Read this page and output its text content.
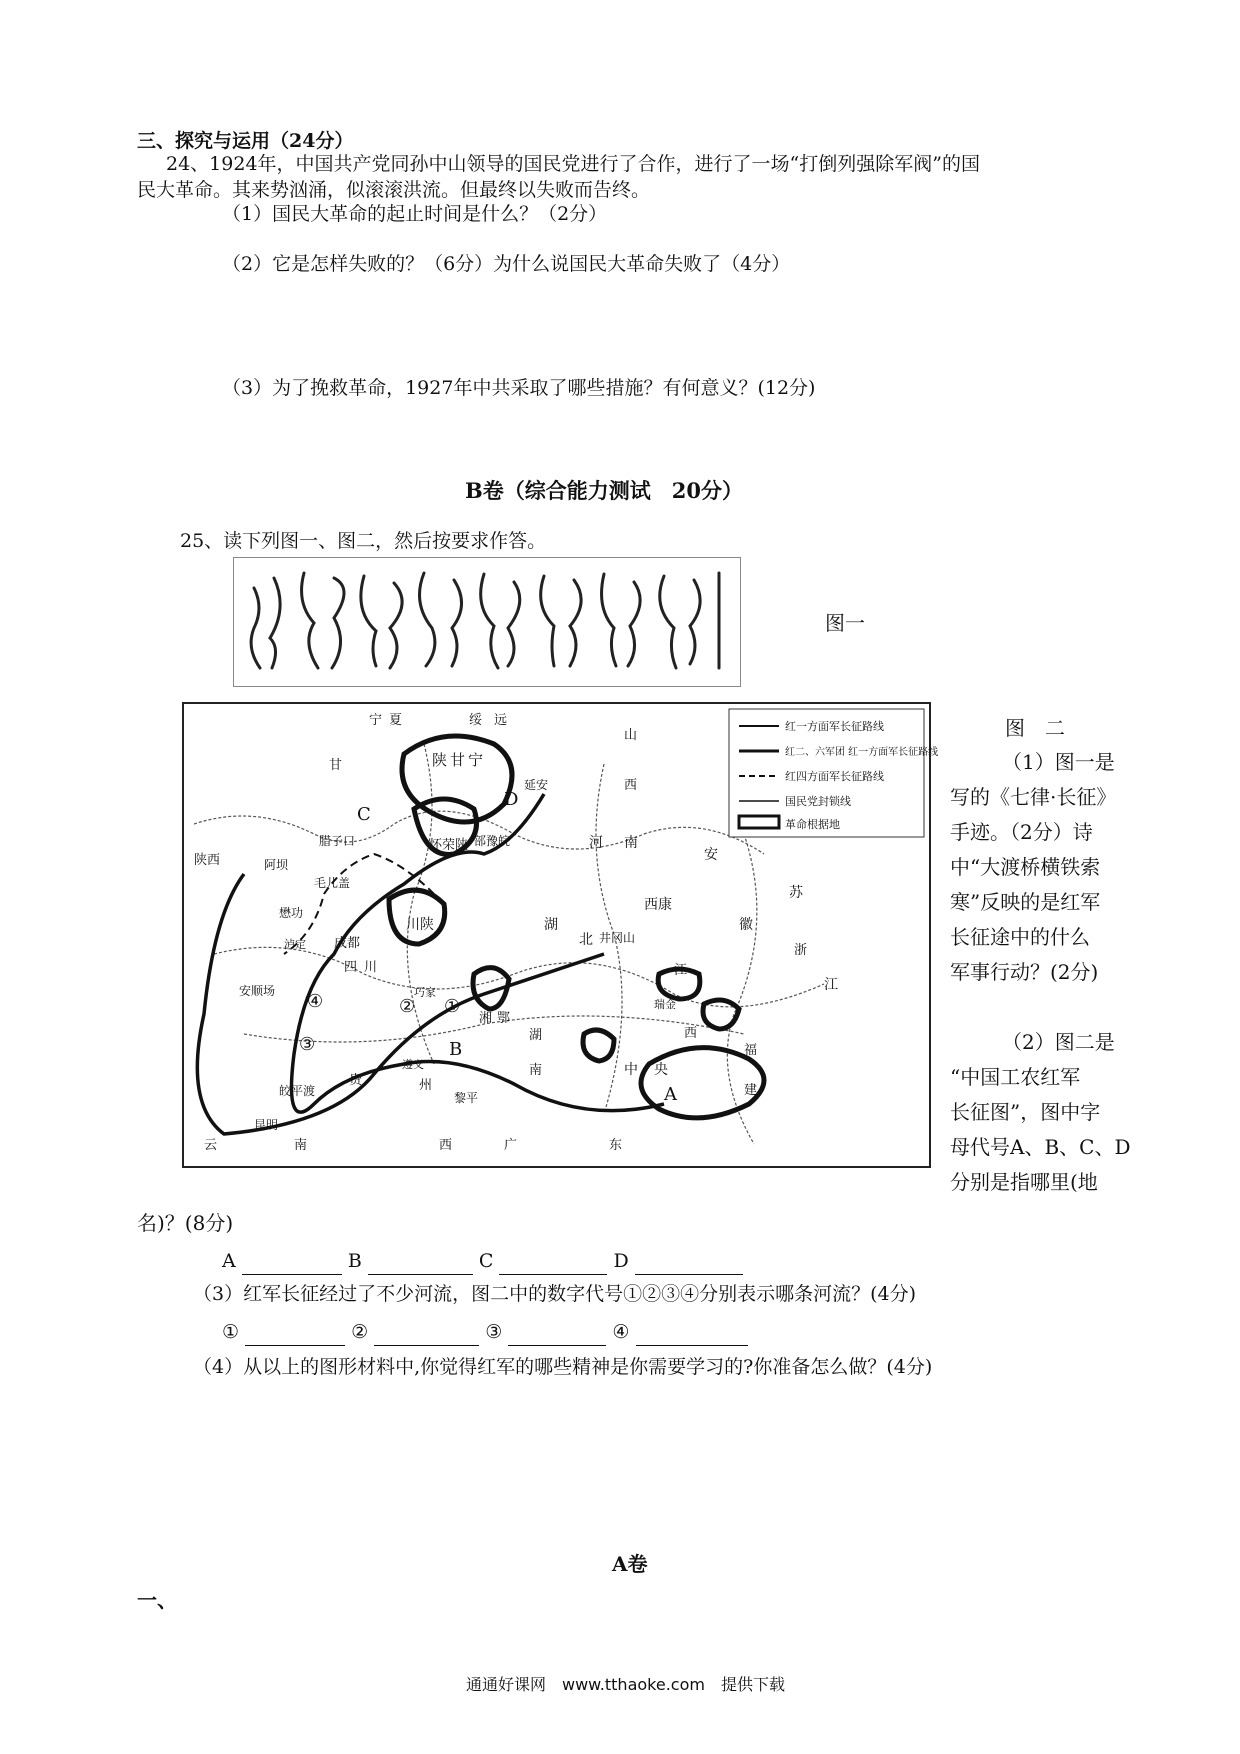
三、探究与运用（24分）
24、1924年，中国共产党同孙中山领导的国民党进行了合作，进行了一场“打倒列强除军阀”的国
民大革命。其来势汹涌，似滚滚洪流。但最终以失败而告终。
（1）国民大革命的起止时间是什么？（2分）
（2）它是怎样失败的？（6分）为什么说国民大革命失败了（4分）
（3）为了挽救革命，1927年中共采取了哪些措施？有何意义？(12分)
B卷（综合能力测试　20分）
25、读下列图一、图二，然后按要求作答。
图一
红一方面军长征路线
红二、六军团 红一方面军长征路线
红四方面军长征路线
国民党封锁线
革命根据地
宁 夏	绥 远
山
陕 甘 宁
西
甘
延安
腊子口
阿坝
毛儿盖
懋功
泸定 成都
四 川
川陕
安顺场	巧家
皎平渡
昆明
贵	州
遵义
黎平
湘 鄂
湖
南
江
西
瑞金
中 央
福
建
浙
广	东
西
云	南
河 南
湖
北
安
徽
苏
江
西康
陕西
怀荣陕 部豫皖
井冈山
A
B
C
D
①
②
③
④
图　二
（1）图一是
写的《七律·长征》
手迹。（2分）诗
中“大渡桥横铁索
寒”反映的是红军
长征途中的什么
军事行动？(2分)
（2）图二是
“中国工农红军
长征图”，图中字
母代号A、B、C、D
分别是指哪里(地
名)？(8分)
A	B	C	D
（3）红军长征经过了不少河流，图二中的数字代号①②③④分别表示哪条河流？(4分)
①	②	③	④
（4）从以上的图形材料中,你觉得红军的哪些精神是你需要学习的?你准备怎么做？(4分)
A卷
一、
通通好课网　www.tthaoke.com　提供下载
